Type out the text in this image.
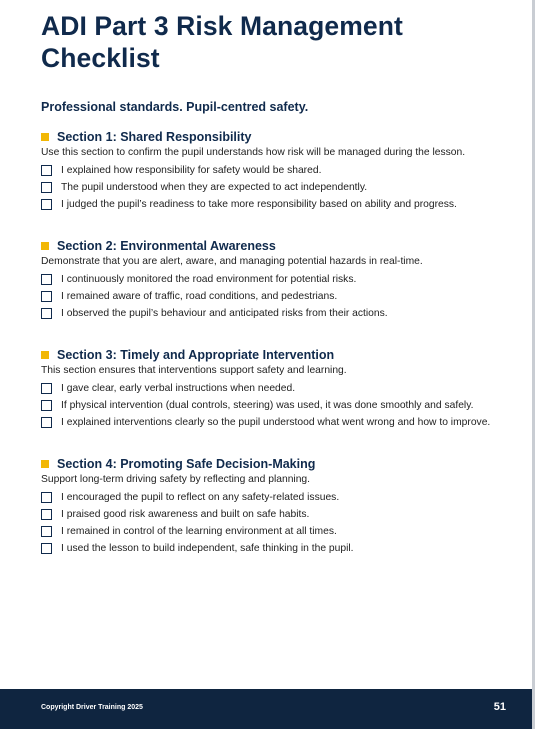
ADI Part 3 Risk Management
Checklist
Professional standards. Pupil-centred safety.
Section 1: Shared Responsibility
Use this section to confirm the pupil understands how risk will be managed during the lesson.
I explained how responsibility for safety would be shared.
The pupil understood when they are expected to act independently.
I judged the pupil’s readiness to take more responsibility based on ability and progress.
Section 2: Environmental Awareness
Demonstrate that you are alert, aware, and managing potential hazards in real-time.
I continuously monitored the road environment for potential risks.
I remained aware of traffic, road conditions, and pedestrians.
I observed the pupil’s behaviour and anticipated risks from their actions.
Section 3: Timely and Appropriate Intervention
This section ensures that interventions support safety and learning.
I gave clear, early verbal instructions when needed.
If physical intervention (dual controls, steering) was used, it was done smoothly and safely.
I explained interventions clearly so the pupil understood what went wrong and how to improve.
Section 4: Promoting Safe Decision-Making
Support long-term driving safety by reflecting and planning.
I encouraged the pupil to reflect on any safety-related issues.
I praised good risk awareness and built on safe habits.
I remained in control of the learning environment at all times.
I used the lesson to build independent, safe thinking in the pupil.
Copyright Driver Training 2025	51
